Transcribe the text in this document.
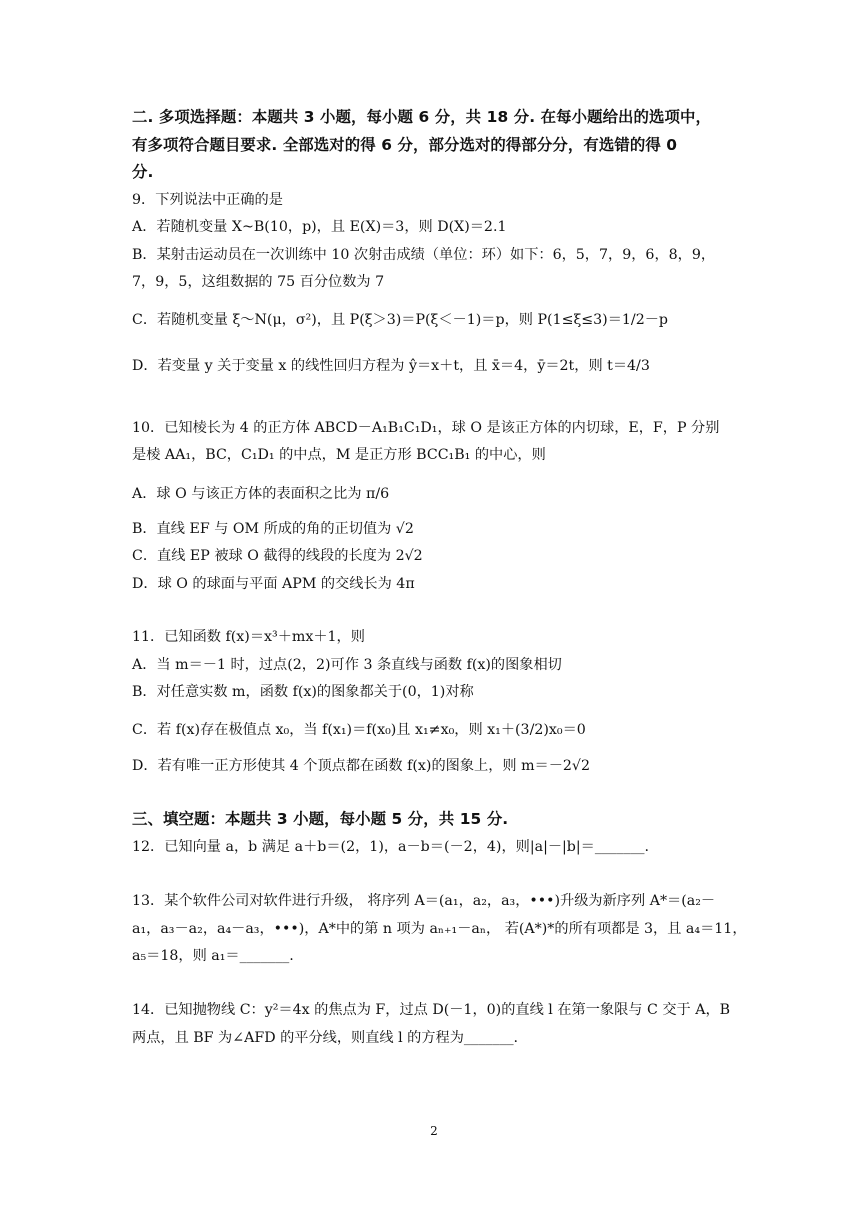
二. 多项选择题：本题共 3 小题，每小题 6 分，共 18 分. 在每小题给出的选项中，
有多项符合题目要求. 全部选对的得 6 分，部分选对的得部分分，有选错的得 0
分.
9．下列说法中正确的是
A．若随机变量 X~B(10，p)，且 E(X)＝3，则 D(X)＝2.1
B．某射击运动员在一次训练中 10 次射击成绩（单位：环）如下：6，5，7，9，6，8，9，
7，9，5，这组数据的 75 百分位数为 7
C．若随机变量 ξ～N(μ，σ²)，且 P(ξ＞3)＝P(ξ＜－1)＝p，则 P(1≤ξ≤3)＝1/2－p
D．若变量 y 关于变量 x 的线性回归方程为 ŷ＝x＋t，且 x̄＝4，ȳ＝2t，则 t＝4/3
10．已知棱长为 4 的正方体 ABCD－A₁B₁C₁D₁，球 O 是该正方体的内切球，E，F，P 分别
是棱 AA₁，BC，C₁D₁ 的中点，M 是正方形 BCC₁B₁ 的中心，则
A．球 O 与该正方体的表面积之比为 π/6
B．直线 EF 与 OM 所成的角的正切值为 √2
C．直线 EP 被球 O 截得的线段的长度为 2√2
D．球 O 的球面与平面 APM 的交线长为 4π
11．已知函数 f(x)＝x³＋mx＋1，则
A．当 m＝－1 时，过点(2，2)可作 3 条直线与函数 f(x)的图象相切
B．对任意实数 m，函数 f(x)的图象都关于(0，1)对称
C．若 f(x)存在极值点 x₀，当 f(x₁)＝f(x₀)且 x₁≠x₀，则 x₁＋(3/2)x₀＝0
D．若有唯一正方形使其 4 个顶点都在函数 f(x)的图象上，则 m＝－2√2
三、填空题：本题共 3 小题，每小题 5 分，共 15 分.
12．已知向量 a，b 满足 a＋b＝(2，1)，a－b＝(－2，4)，则|a|－|b|＝_______.
13．某个软件公司对软件进行升级， 将序列 A＝(a₁，a₂，a₃，•••)升级为新序列 A*＝(a₂－
a₁，a₃－a₂，a₄－a₃，•••)，A*中的第 n 项为 aₙ₊₁－aₙ， 若(A*)*的所有项都是 3，且 a₄＝11，
a₅＝18，则 a₁＝_______.
14．已知抛物线 C：y²＝4x 的焦点为 F，过点 D(－1，0)的直线 l 在第一象限与 C 交于 A，B
两点，且 BF 为∠AFD 的平分线，则直线 l 的方程为_______.
2
